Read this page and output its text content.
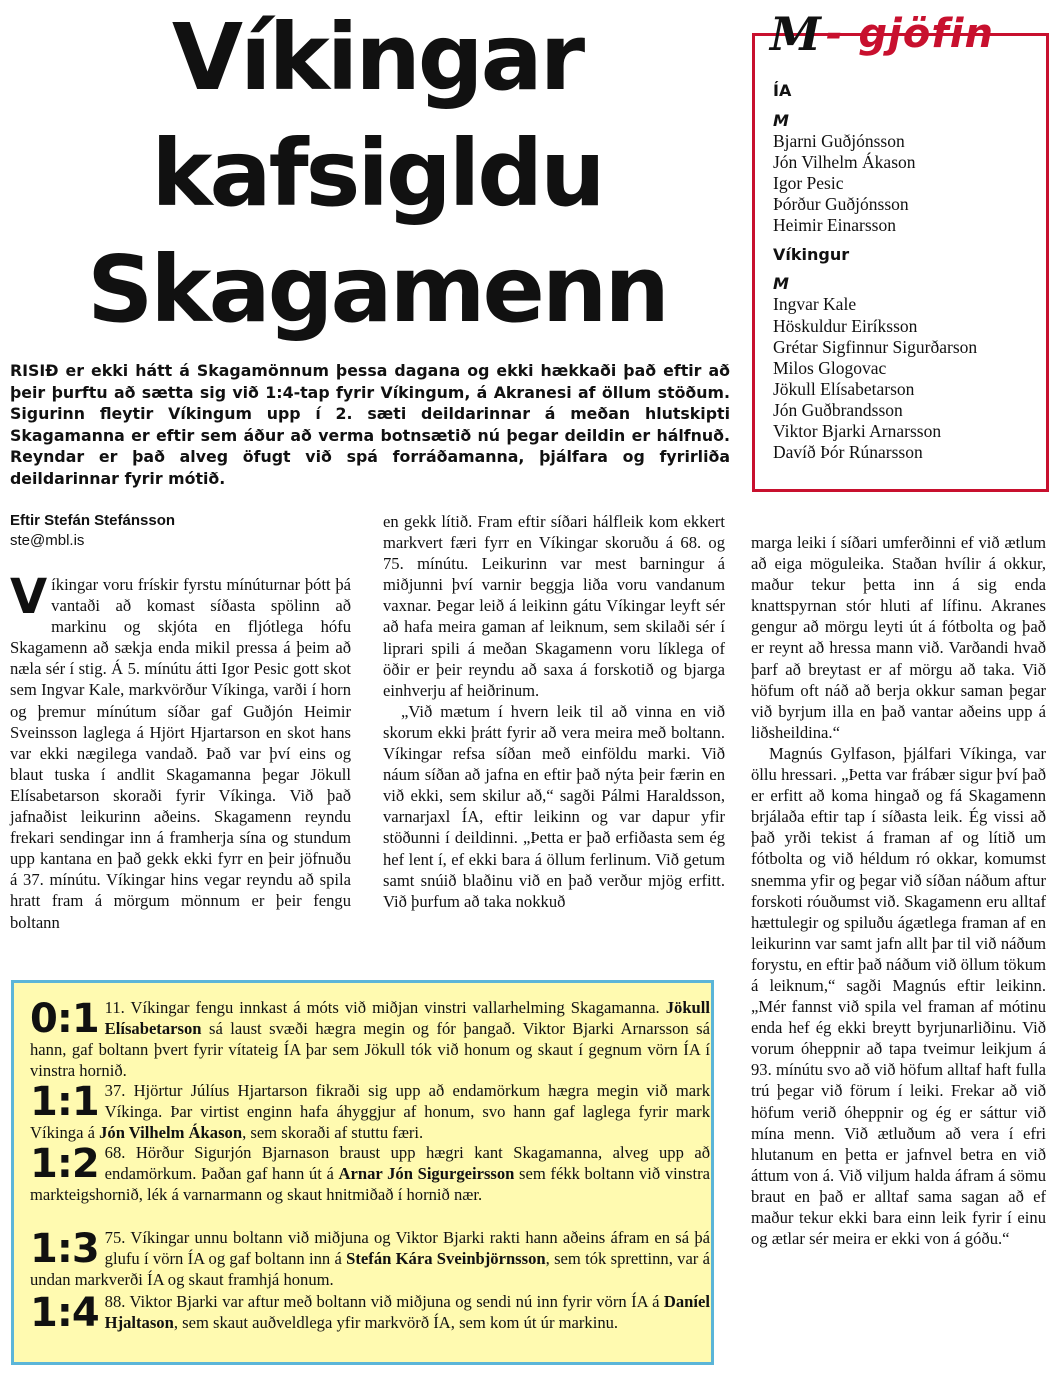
Víkingar
kafsigldu
Skagamenn
RISIÐ er ekki hátt á Skagamönnum þessa dagana og ekki hækkaði það eftir að þeir þurftu að sætta sig við 1:4-tap fyrir Víkingum, á Akranesi af öllum stöðum. Sigurinn fleytir Víkingum upp í 2. sæti deildarinnar á meðan hlutskipti Skagamanna er eftir sem áður að verma botnsætið nú þegar deildin er hálfnuð. Reyndar er það alveg öfugt við spá forráðamanna, þjálfara og fyrirliða deildarinnar fyrir mótið.
Eftir Stefán Stefánsson
ste@mbl.is

Víkingar voru frískir fyrstu mínúturnar þótt þá vantaði að komast síðasta spölinn að markinu og skjóta en fljótlega hófu Skagamenn að sækja enda mikil pressa á þeim að næla sér í stig. Á 5. mínútu átti Igor Pesic gott skot sem Ingvar Kale, markvörður Víkinga, varði í horn og þremur mínútum síðar gaf Guðjón Heimir Sveinsson laglega á Hjört Hjartarson en skot hans var ekki nægilega vandað. Það var því eins og blaut tuska í andlit Skagamanna þegar Jökull Elísabetarson skoraði fyrir Víkinga. Við það jafnaðist leikurinn aðeins. Skagamenn reyndu frekari sendingar inn á framherja sína og stundum upp kantana en það gekk ekki fyrr en þeir jöfnuðu á 37. mínútu. Víkingar hins vegar reyndu að spila hratt fram á mörgum mönnum er þeir fengu boltann

en gekk lítið. Fram eftir síðari hálfleik kom ekkert markvert færi fyrr en Víkingar skoruðu á 68. og 75. mínútu. Leikurinn var mest barningur á miðjunni því varnir beggja liða voru vandanum vaxnar. Þegar leið á leikinn gátu Víkingar leyft sér að hafa meira gaman af leiknum, sem skilaði sér í liprari spili á meðan Skagamenn voru líklega of öðir er þeir reyndu að saxa á forskotið og bjarga einhverju af heiðrinum.

„Við mætum í hvern leik til að vinna en við skorum ekki þrátt fyrir að vera meira með boltann. Víkingar refsa síðan með einföldu marki. Við náum síðan að jafna en eftir það nýta þeir færin en við ekki, sem skilur að,“ sagði Pálmi Haraldsson, varnarjaxl ÍA, eftir leikinn og var dapur yfir stöðunni í deildinni. „Þetta er það erfiðasta sem ég hef lent í, ef ekki bara á öllum ferlinum. Við getum samt snúið blaðinu við en það verður mjög erfitt. Við þurfum að taka nokkuð

marga leiki í síðari umferðinni ef við ætlum að eiga möguleika. Staðan hvílir á okkur, maður tekur þetta inn á sig enda knattspyrnan stór hluti af lífinu. Akranes gengur að mörgu leyti út á fótbolta og það er reynt að hressa mann við. Varðandi hvað þarf að breytast er af mörgu að taka. Við höfum oft náð að berja okkur saman þegar við byrjum illa en það vantar aðeins upp á liðsheildina.“

Magnús Gylfason, þjálfari Víkinga, var öllu hressari. „Þetta var frábær sigur því það er erfitt að koma hingað og fá Skagamenn brjálaða eftir tap í síðasta leik. Ég vissi að það yrði tekist á framan af og lítið um fótbolta og við héldum ró okkar, komumst snemma yfir og þegar við síðan náðum aftur forskoti róuðumst við. Skagamenn eru alltaf hættulegir og spiluðu ágætlega framan af en leikurinn var samt jafn allt þar til við náðum forystu, en eftir það náðum við öllum tökum á leiknum,“ sagði Magnús eftir leikinn. „Mér fannst við spila vel framan af mótinu enda hef ég ekki breytt byrjunarliðinu. Við vorum óheppnir að tapa tveimur leikjum á 93. mínútu svo að við höfum alltaf haft fulla trú þegar við förum í leiki. Frekar að við höfum verið óheppnir og ég er sáttur við mína menn. Við ætluðum að vera í efri hlutanum en þetta er jafnvel betra en við áttum von á. Við viljum halda áfram á sömu braut en það er alltaf sama sagan að ef maður tekur ekki bara einn leik fyrir í einu og ætlar sér meira er ekki von á góðu.“

M - gjöfin
ÍA
M
Bjarni Guðjónsson
Jón Vilhelm Ákason
Igor Pesic
Þórður Guðjónsson
Heimir Einarsson
Víkingur
M
Ingvar Kale
Höskuldur Eiríksson
Grétar Sigfinnur Sigurðarson
Milos Glogovac
Jökull Elísabetarson
Jón Guðbrandsson
Viktor Bjarki Arnarsson
Davíð Þór Rúnarsson
0:1 11. Víkingar fengu innkast á móts við miðjan vinstri vallarhelming Skagamanna. Jökull Elísabetarson sá laust svæði hægra megin og fór þangað. Viktor Bjarki Arnarsson sá hann, gaf boltann þvert fyrir vítateig ÍA þar sem Jökull tók við honum og skaut í gegnum vörn ÍA í vinstra hornið.
1:1 37. Hjörtur Júlíus Hjartarson fikraði sig upp að endamörkum hægra megin við mark Víkinga. Þar virtist enginn hafa áhyggjur af honum, svo hann gaf laglega fyrir mark Víkinga á Jón Vilhelm Ákason, sem skoraði af stuttu færi.
1:2 68. Hörður Sigurjón Bjarnason braust upp hægri kant Skagamanna, alveg upp að endamörkum. Þaðan gaf hann út á Arnar Jón Sigurgeirsson sem fékk boltann við vinstra markteigshornið, lék á varnarmann og skaut hnitmiðað í hornið nær.
1:3 75. Víkingar unnu boltann við miðjuna og Viktor Bjarki rakti hann aðeins áfram en sá þá glufu í vörn ÍA og gaf boltann inn á Stefán Kára Sveinbjörnsson, sem tók sprettinn, var á undan markverði ÍA og skaut framhjá honum.
1:4 88. Viktor Bjarki var aftur með boltann við miðjuna og sendi nú inn fyrir vörn ÍA á Daníel Hjaltason, sem skaut auðveldlega yfir markvörð ÍA, sem kom út úr markinu.
